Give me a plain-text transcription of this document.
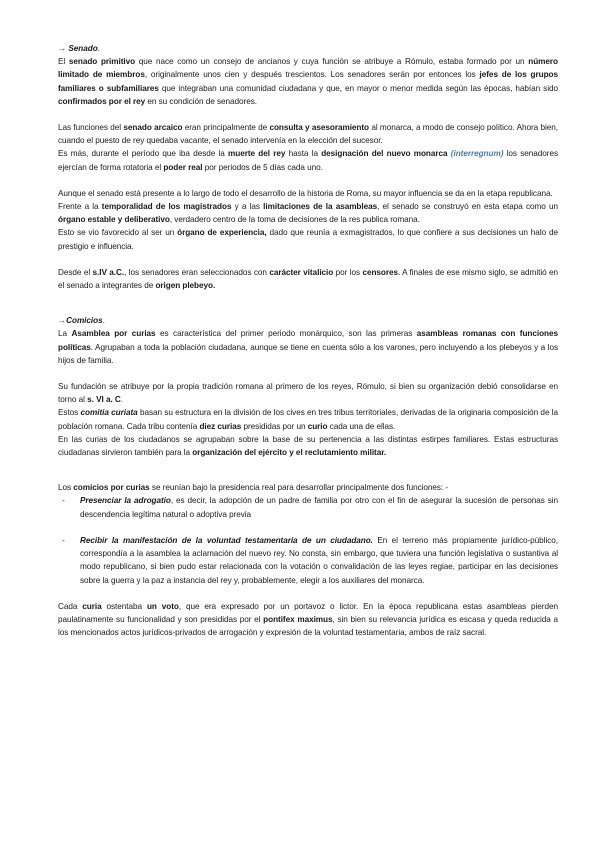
→ Senado.

El senado primitivo que nace como un consejo de ancianos y cuya función se atribuye a Rómulo, estaba formado por un número limitado de miembros, originalmente unos cien y después trescientos. Los senadores serán por entonces los jefes de los grupos familiares o subfamiliares que integraban una comunidad ciudadana y que, en mayor o menor medida según las épocas, habían sido confirmados por el rey en su condición de senadores.

Las funciones del senado arcaico eran principalmente de consulta y asesoramiento al monarca, a modo de consejo político. Ahora bien, cuando el puesto de rey quedaba vacante, el senado intervenía en la elección del sucesor.

Es más, durante el período que iba desde la muerte del rey hasta la designación del nuevo monarca (interregnum) los senadores ejercían de forma rotatoria el poder real por periodos de 5 días cada uno.

Aunque el senado está presente a lo largo de todo el desarrollo de la historia de Roma, su mayor influencia se da en la etapa republicana.

Frente a la temporalidad de los magistrados y a las limitaciones de la asambleas, el senado se construyó en esta etapa como un órgano estable y deliberativo, verdadero centro de la toma de decisiones de la res publica romana.

Esto se vio favorecido al ser un órgano de experiencia, dado que reunía a exmagistrados, lo que confiere a sus decisiones un halo de prestigio e influencia.

Desde el s.IV a.C., los senadores eran seleccionados con carácter vitalicio por los censores. A finales de ese mismo siglo, se admitió en el senado a integrantes de origen plebeyo.

→Comicios.

La Asamblea por curias es característica del primer periodo monárquico, son las primeras asambleas romanas con funciones políticas. Agrupaban a toda la población ciudadana, aunque se tiene en cuenta sólo a los varones, pero incluyendo a los plebeyos y a los hijos de familia.

Su fundación se atribuye por la propia tradición romana al primero de los reyes, Rómulo, si bien su organización debió consolidarse en torno al s. VI a. C.

Estos comitia curiata basan su estructura en la división de los cives en tres tribus territoriales, derivadas de la originaria composición de la población romana. Cada tribu contenía diez curias presididas por un curio cada una de ellas.

En las curias de los ciudadanos se agrupaban sobre la base de su pertenencia a las distintas estirpes familiares. Estas estructuras ciudadanas sirvieron también para la organización del ejército y el reclutamiento militar.

Los comicios por curias se reunían bajo la presidencia real para desarrollar principalmente dos funciones: -

- Presenciar la adrogatio, es decir, la adopción de un padre de familia por otro con el fin de asegurar la sucesión de personas sin descendencia legítima natural o adoptiva previa
- Recibir la manifestación de la voluntad testamentaria de un ciudadano. En el terreno más propiamente jurídico-público, correspondía a la asamblea la aclamación del nuevo rey. No consta, sin embargo, que tuviera una función legislativa o sustantiva al modo republicano, si bien pudo estar relacionada con la votación o convalidación de las leyes regiae, participar en las decisiones sobre la guerra y la paz a instancia del rey y, probablemente, elegir a los auxiliares del monarca.

Cada curia ostentaba un voto, que era expresado por un portavoz o lictor. En la época republicana estas asambleas pierden paulatinamente su funcionalidad y son presididas por el pontifex maximus, sin bien su relevancia jurídica es escasa y queda reducida a los mencionados actos jurídicos-privados de arrogación y expresión de la voluntad testamentaria, ambos de raíz sacral.
